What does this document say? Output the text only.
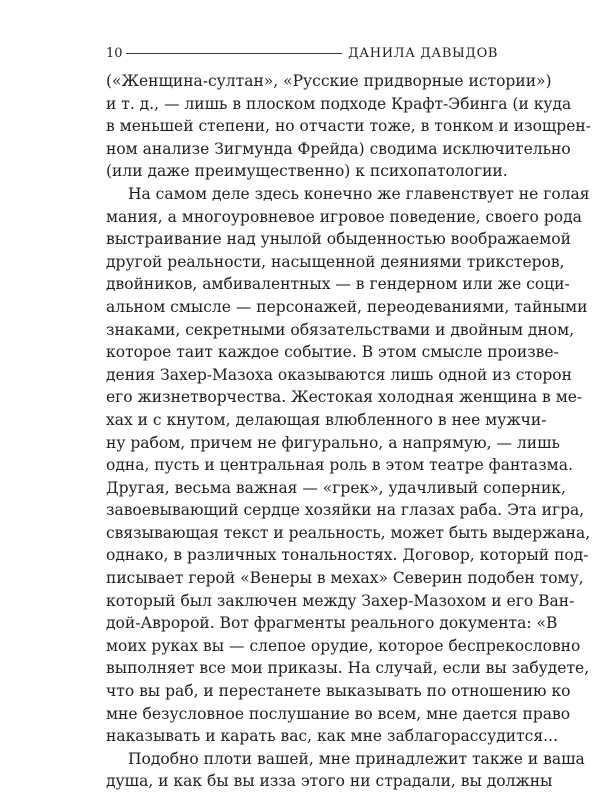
10	ДАНИЛА ДАВЫДОВ

(«Женщина-султан», «Русские придворные истории»)
и т. д., — лишь в плоском подходе Крафт-Эбинга (и куда
в меньшей степени, но отчасти тоже, в тонком и изощрен-
ном анализе Зигмунда Фрейда) сводима исключительно
(или даже преимущественно) к психопатологии.

На самом деле здесь конечно же главенствует не голая
мания, а многоуровневое игровое поведение, своего рода
выстраивание над унылой обыденностью воображаемой
другой реальности, насыщенной деяниями трикстеров,
двойников, амбивалентных — в гендерном или же соци-
альном смысле — персонажей, переодеваниями, тайными
знаками, секретными обязательствами и двойным дном,
которое таит каждое событие. В этом смысле произве-
дения Захер-Мазоха оказываются лишь одной из сторон
его жизнетворчества. Жестокая холодная женщина в ме-
хах и с кнутом, делающая влюбленного в нее мужчи-
ну рабом, причем не фигурально, а напрямую, — лишь
одна, пусть и центральная роль в этом театре фантазма.
Другая, весьма важная — «грек», удачливый соперник,
завоевывающий сердце хозяйки на глазах раба. Эта игра,
связывающая текст и реальность, может быть выдержана,
однако, в различных тональностях. Договор, который под-
писывает герой «Венеры в мехах» Северин подобен тому,
который был заключен между Захер-Мазохом и его Ван-
дой-Авророй. Вот фрагменты реального документа: «В
моих руках вы — слепое орудие, которое беспрекословно
выполняет все мои приказы. На случай, если вы забудете,
что вы раб, и перестанете выказывать по отношению ко
мне безусловное послушание во всем, мне дается право
наказывать и карать вас, как мне заблагорассудится...

Подобно плоти вашей, мне принадлежит также и ваша
душа, и как бы вы изза этого ни страдали, вы должны
